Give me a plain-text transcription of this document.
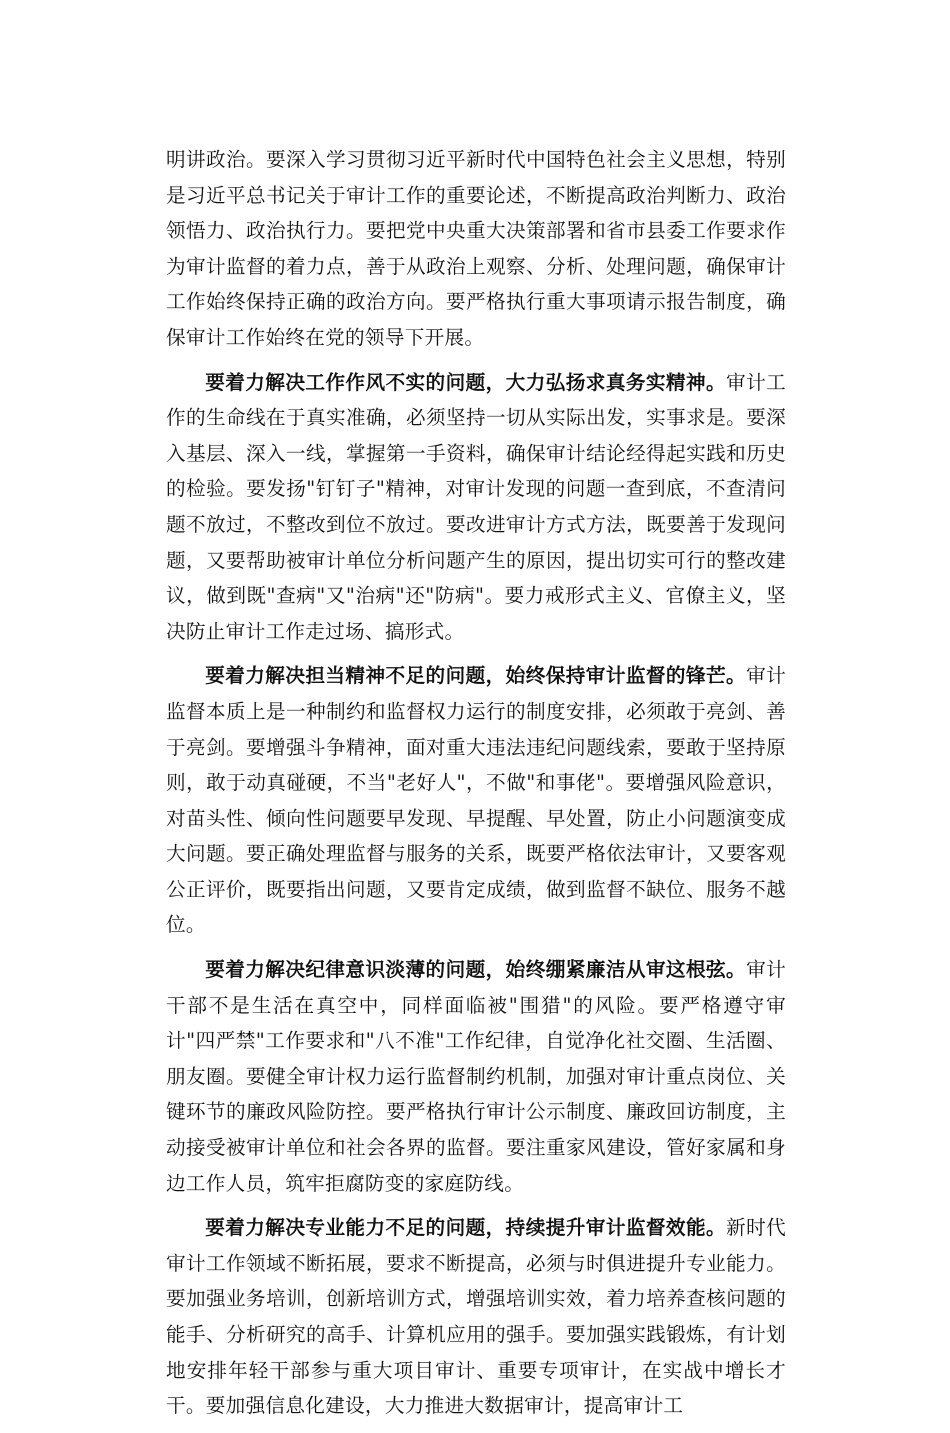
明讲政治。要深入学习贯彻习近平新时代中国特色社会主义思想，特别是习近平总书记关于审计工作的重要论述，不断提高政治判断力、政治领悟力、政治执行力。要把党中央重大决策部署和省市县委工作要求作为审计监督的着力点，善于从政治上观察、分析、处理问题，确保审计工作始终保持正确的政治方向。要严格执行重大事项请示报告制度，确保审计工作始终在党的领导下开展。

要着力解决工作作风不实的问题，大力弘扬求真务实精神。审计工作的生命线在于真实准确，必须坚持一切从实际出发，实事求是。要深入基层、深入一线，掌握第一手资料，确保审计结论经得起实践和历史的检验。要发扬"钉钉子"精神，对审计发现的问题一查到底，不查清问题不放过，不整改到位不放过。要改进审计方式方法，既要善于发现问题，又要帮助被审计单位分析问题产生的原因，提出切实可行的整改建议，做到既"查病"又"治病"还"防病"。要力戒形式主义、官僚主义，坚决防止审计工作走过场、搞形式。

要着力解决担当精神不足的问题，始终保持审计监督的锋芒。审计监督本质上是一种制约和监督权力运行的制度安排，必须敢于亮剑、善于亮剑。要增强斗争精神，面对重大违法违纪问题线索，要敢于坚持原则，敢于动真碰硬，不当"老好人"，不做"和事佬"。要增强风险意识，对苗头性、倾向性问题要早发现、早提醒、早处置，防止小问题演变成大问题。要正确处理监督与服务的关系，既要严格依法审计，又要客观公正评价，既要指出问题，又要肯定成绩，做到监督不缺位、服务不越位。

要着力解决纪律意识淡薄的问题，始终绷紧廉洁从审这根弦。审计干部不是生活在真空中，同样面临被"围猎"的风险。要严格遵守审计"四严禁"工作要求和"八不准"工作纪律，自觉净化社交圈、生活圈、朋友圈。要健全审计权力运行监督制约机制，加强对审计重点岗位、关键环节的廉政风险防控。要严格执行审计公示制度、廉政回访制度，主动接受被审计单位和社会各界的监督。要注重家风建设，管好家属和身边工作人员，筑牢拒腐防变的家庭防线。

要着力解决专业能力不足的问题，持续提升审计监督效能。新时代审计工作领域不断拓展，要求不断提高，必须与时俱进提升专业能力。要加强业务培训，创新培训方式，增强培训实效，着力培养查核问题的能手、分析研究的高手、计算机应用的强手。要加强实践锻炼，有计划地安排年轻干部参与重大项目审计、重要专项审计，在实战中增长才干。要加强信息化建设，大力推进大数据审计，提高审计工
